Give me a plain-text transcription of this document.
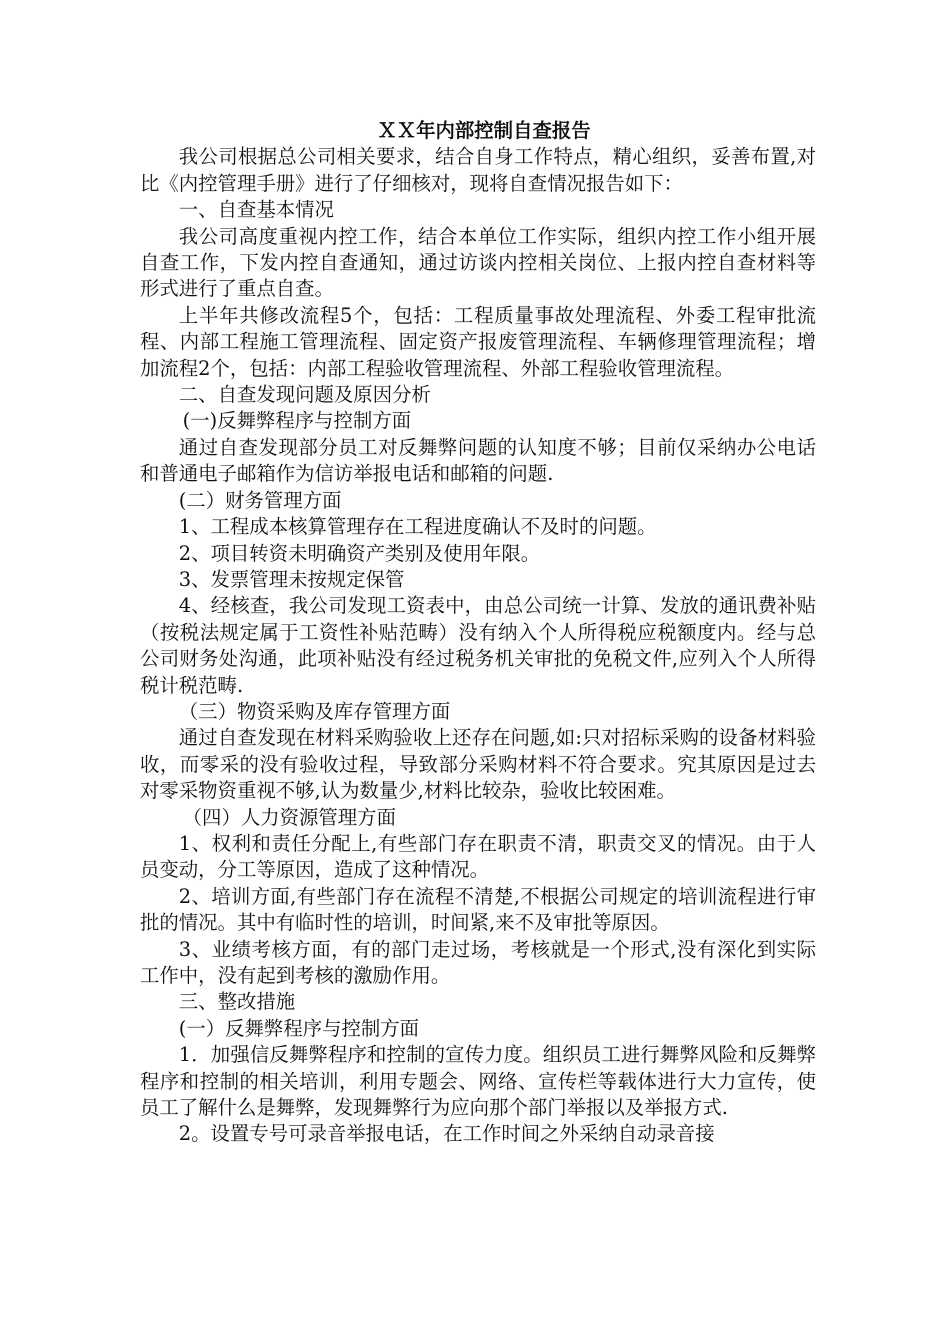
ＸＸ年内部控制自查报告

我公司根据总公司相关要求，结合自身工作特点，精心组织，妥善布置,对比《内控管理手册》进行了仔细核对，现将自查情况报告如下：

一、自查基本情况

我公司高度重视内控工作，结合本单位工作实际，组织内控工作小组开展自查工作，下发内控自查通知，通过访谈内控相关岗位、上报内控自查材料等形式进行了重点自查。

上半年共修改流程5个，包括：工程质量事故处理流程、外委工程审批流程、内部工程施工管理流程、固定资产报废管理流程、车辆修理管理流程；增加流程2个，包括：内部工程验收管理流程、外部工程验收管理流程。

二、自查发现问题及原因分析

(一)反舞弊程序与控制方面

通过自查发现部分员工对反舞弊问题的认知度不够；目前仅采纳办公电话和普通电子邮箱作为信访举报电话和邮箱的问题.

(二）财务管理方面

1、工程成本核算管理存在工程进度确认不及时的问题。

2、项目转资未明确资产类别及使用年限。

3、发票管理未按规定保管

4、经核查，我公司发现工资表中，由总公司统一计算、发放的通讯费补贴（按税法规定属于工资性补贴范畴）没有纳入个人所得税应税额度内。经与总公司财务处沟通，此项补贴没有经过税务机关审批的免税文件,应列入个人所得税计税范畴.

（三）物资采购及库存管理方面

通过自查发现在材料采购验收上还存在问题,如:只对招标采购的设备材料验收，而零采的没有验收过程，导致部分采购材料不符合要求。究其原因是过去对零采物资重视不够,认为数量少,材料比较杂，验收比较困难。

（四）人力资源管理方面

1、权利和责任分配上,有些部门存在职责不清，职责交叉的情况。由于人员变动，分工等原因，造成了这种情况。

2、培训方面,有些部门存在流程不清楚,不根据公司规定的培训流程进行审批的情况。其中有临时性的培训，时间紧,来不及审批等原因。

3、业绩考核方面，有的部门走过场，考核就是一个形式,没有深化到实际工作中，没有起到考核的激励作用。

三、整改措施

(一）反舞弊程序与控制方面

1．加强信反舞弊程序和控制的宣传力度。组织员工进行舞弊风险和反舞弊程序和控制的相关培训，利用专题会、网络、宣传栏等载体进行大力宣传，使员工了解什么是舞弊，发现舞弊行为应向那个部门举报以及举报方式.

2。设置专号可录音举报电话，在工作时间之外采纳自动录音接
